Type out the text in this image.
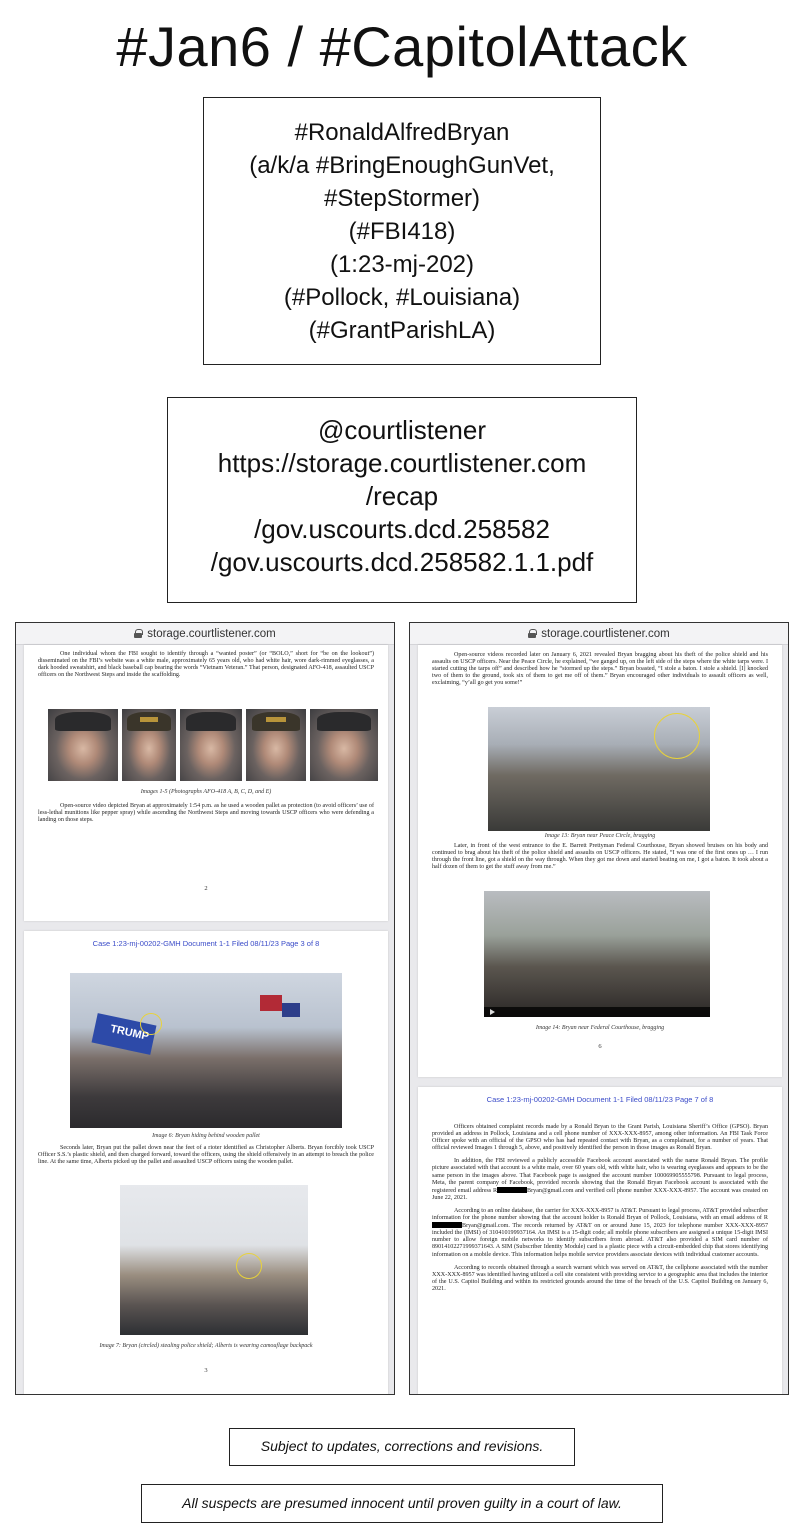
#Jan6 / #CapitolAttack
#RonaldAlfredBryan
(a/k/a #BringEnoughGunVet,
#StepStormer)
(#FBI418)
(1:23-mj-202)
(#Pollock, #Louisiana)
(#GrantParishLA)
@courtlistener
https://storage.courtlistener.com
/recap
/gov.uscourts.dcd.258582
/gov.uscourts.dcd.258582.1.1.pdf
storage.courtlistener.com

One individual whom the FBI sought to identify through a “wanted poster” (or “BOLO,” short for “be on the lookout”) disseminated on the FBI’s website was a white male, approximately 65 years old, who had white hair, wore dark-rimmed eyeglasses, a dark hooded sweatshirt, and black baseball cap bearing the words “Vietnam Veteran.” That person, designated AFO-418, assaulted USCP officers on the Northwest Steps and inside the scaffolding.

Images 1-5 (Photographs AFO-418 A, B, C, D, and E)

Open-source video depicted Bryan at approximately 1:54 p.m. as he used a wooden pallet as protection (to avoid officers’ use of less-lethal munitions like pepper spray) while ascending the Northwest Steps and moving towards USCP officers who were defending a landing on those steps.

2
Case 1:23-mj-00202-GMH Document 1-1 Filed 08/11/23 Page 3 of 8
TRUMP
Image 6: Bryan hiding behind wooden pallet

Seconds later, Bryan put the pallet down near the feet of a rioter identified as Christopher Alberts. Bryan forcibly took USCP Officer S.S.’s plastic shield, and then charged forward, toward the officers, using the shield offensively in an attempt to breach the police line. At the same time, Alberts picked up the pallet and assaulted USCP officers using the wooden pallet.

Image 7: Bryan (circled) stealing police shield; Alberts is wearing camouflage backpack
3
storage.courtlistener.com

Open-source videos recorded later on January 6, 2021 revealed Bryan bragging about his theft of the police shield and his assaults on USCP officers. Near the Peace Circle, he explained, “we ganged up, on the left side of the steps where the white tarps were. I started cutting the tarps off” and described how he “stormed up the steps.” Bryan boasted, “I stole a baton. I stole a shield. [I] knocked two of them to the ground, took six of them to get me off of them.” Bryan encouraged other individuals to assault officers as well, exclaiming, “y’all go get you some!”

Image 13: Bryan near Peace Circle, bragging

Later, in front of the west entrance to the E. Barrett Prettyman Federal Courthouse, Bryan showed bruises on his body and continued to brag about his theft of the police shield and assaults on USCP officers. He stated, “I was one of the first ones up … I run through the front line, got a shield on the way through. When they got me down and started beating on me, I got a baton. It took about a half dozen of them to get the stuff away from me.”

Image 14: Bryan near Federal Courthouse, bragging
6
Case 1:23-mj-00202-GMH Document 1-1 Filed 08/11/23 Page 7 of 8

Officers obtained complaint records made by a Ronald Bryan to the Grant Parish, Louisiana Sheriff’s Office (GPSO). Bryan provided an address in Pollock, Louisiana and a cell phone number of XXX-XXX-8957, among other information. An FBI Task Force Officer spoke with an official of the GPSO who has had repeated contact with Bryan, as a complainant, for a number of years. That official reviewed Images 1 through 5, above, and positively identified the person in those images as Ronald Bryan.

In addition, the FBI reviewed a publicly accessible Facebook account associated with the name Ronald Bryan. The profile picture associated with that account is a white male, over 60 years old, with white hair, who is wearing eyeglasses and appears to be the same person in the images above. That Facebook page is assigned the account number 100069905555798. Pursuant to legal process, Meta, the parent company of Facebook, provided records showing that the Ronald Bryan Facebook account is associated with the registered email address R	Bryan@gmail.com and verified cell phone number XXX-XXX-8957. The account was created on June 22, 2021.

According to an online database, the carrier for XXX-XXX-8957 is AT&T. Pursuant to legal process, AT&T provided subscriber information for the phone number showing that the account holder is Ronald Bryan of Pollock, Louisiana, with an email address of RBryan@gmail.com. The records returned by AT&T on or around June 15, 2023 for telephone number XXX-XXX-8957 included the (IMSI) of 310410199937164. An IMSI is a 15-digit code; all mobile phone subscribers are assigned a unique 15-digit IMSI number to allow foreign mobile networks to identify subscribers from abroad. AT&T also provided a SIM card number of 89014102271999371643. A SIM (Subscriber Identity Module) card is a plastic piece with a circuit-embedded chip that stores identifying information on a mobile device. This information helps mobile service providers associate devices with individual customer accounts.

According to records obtained through a search warrant which was served on AT&T, the cellphone associated with the number XXX-XXX-8957 was identified having utilized a cell site consistent with providing service to a geographic area that includes the interior of the U.S. Capitol Building and within its restricted grounds around the time of the breach of the U.S. Capitol Building on January 6, 2021.

Subject to updates, corrections and revisions.
All suspects are presumed innocent until proven guilty in a court of law.
